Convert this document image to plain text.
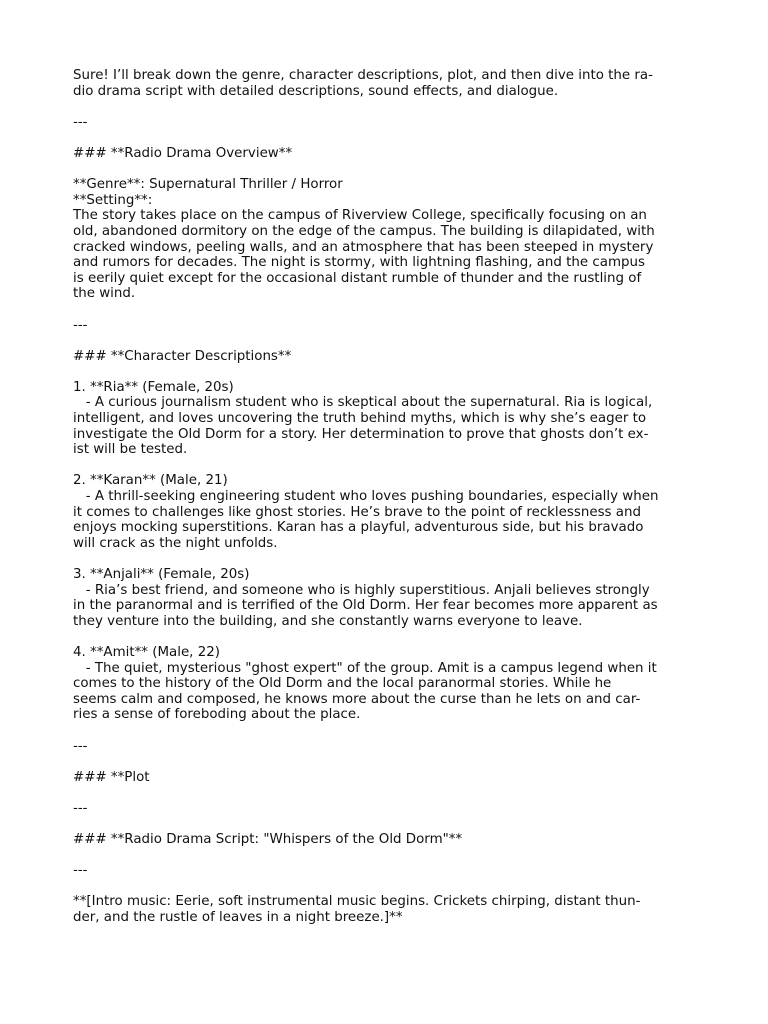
Sure! I’ll break down the genre, character descriptions, plot, and then dive into the ra-
dio drama script with detailed descriptions, sound effects, and dialogue.
---
### **Radio Drama Overview**
**Genre**: Supernatural Thriller / Horror
**Setting**:
The story takes place on the campus of Riverview College, specifically focusing on an
old, abandoned dormitory on the edge of the campus. The building is dilapidated, with
cracked windows, peeling walls, and an atmosphere that has been steeped in mystery
and rumors for decades. The night is stormy, with lightning flashing, and the campus
is eerily quiet except for the occasional distant rumble of thunder and the rustling of
the wind.
---
### **Character Descriptions**
1. **Ria** (Female, 20s)
- A curious journalism student who is skeptical about the supernatural. Ria is logical,
intelligent, and loves uncovering the truth behind myths, which is why she’s eager to
investigate the Old Dorm for a story. Her determination to prove that ghosts don’t ex-
ist will be tested.
2. **Karan** (Male, 21)
- A thrill-seeking engineering student who loves pushing boundaries, especially when
it comes to challenges like ghost stories. He’s brave to the point of recklessness and
enjoys mocking superstitions. Karan has a playful, adventurous side, but his bravado
will crack as the night unfolds.
3. **Anjali** (Female, 20s)
- Ria’s best friend, and someone who is highly superstitious. Anjali believes strongly
in the paranormal and is terrified of the Old Dorm. Her fear becomes more apparent as
they venture into the building, and she constantly warns everyone to leave.
4. **Amit** (Male, 22)
- The quiet, mysterious "ghost expert" of the group. Amit is a campus legend when it
comes to the history of the Old Dorm and the local paranormal stories. While he
seems calm and composed, he knows more about the curse than he lets on and car-
ries a sense of foreboding about the place.
---
### **Plot
---
### **Radio Drama Script: "Whispers of the Old Dorm"**
---
**[Intro music: Eerie, soft instrumental music begins. Crickets chirping, distant thun-
der, and the rustle of leaves in a night breeze.]**
